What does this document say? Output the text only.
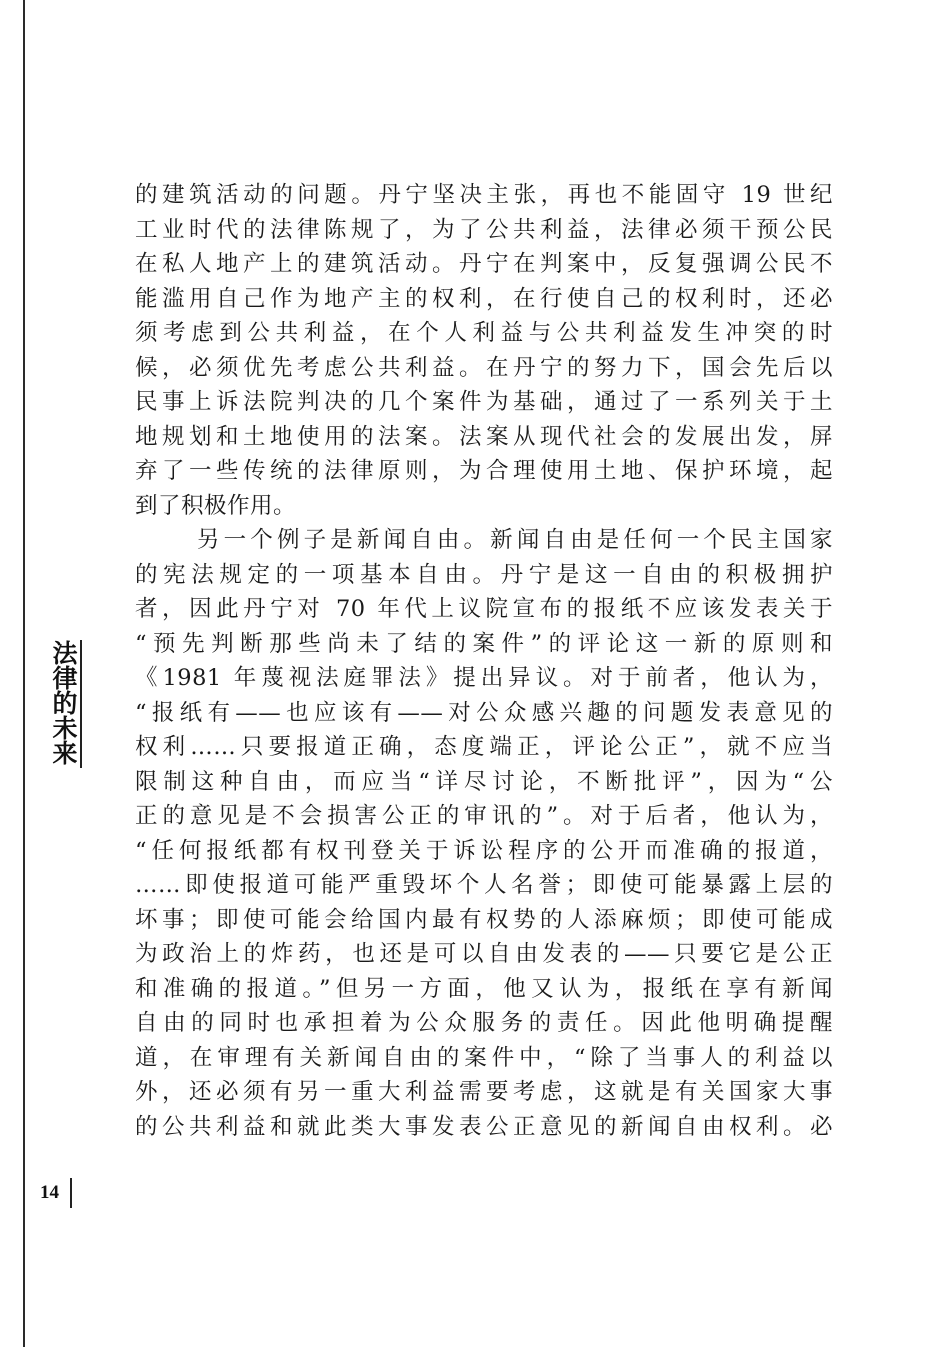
法律的未来
14
的建筑活动的问题。丹宁坚决主张，再也不能固守 19 世纪
工业时代的法律陈规了，为了公共利益，法律必须干预公民
在私人地产上的建筑活动。丹宁在判案中，反复强调公民不
能滥用自己作为地产主的权利，在行使自己的权利时，还必
须考虑到公共利益，在个人利益与公共利益发生冲突的时
候，必须优先考虑公共利益。在丹宁的努力下，国会先后以
民事上诉法院判决的几个案件为基础，通过了一系列关于土
地规划和土地使用的法案。法案从现代社会的发展出发，屏
弃了一些传统的法律原则，为合理使用土地、保护环境，起
到了积极作用。
另一个例子是新闻自由。新闻自由是任何一个民主国家
的宪法规定的一项基本自由。丹宁是这一自由的积极拥护
者，因此丹宁对 70 年代上议院宣布的报纸不应该发表关于
“预先判断那些尚未了结的案件”的评论这一新的原则和
《1981 年蔑视法庭罪法》提出异议。对于前者，他认为，
“报纸有——也应该有——对公众感兴趣的问题发表意见的
权利……只要报道正确，态度端正，评论公正”，就不应当
限制这种自由，而应当“详尽讨论，不断批评”，因为“公
正的意见是不会损害公正的审讯的”。对于后者，他认为，
“任何报纸都有权刊登关于诉讼程序的公开而准确的报道，
……即使报道可能严重毁坏个人名誉；即使可能暴露上层的
坏事；即使可能会给国内最有权势的人添麻烦；即使可能成
为政治上的炸药，也还是可以自由发表的——只要它是公正
和准确的报道。”但另一方面，他又认为，报纸在享有新闻
自由的同时也承担着为公众服务的责任。因此他明确提醒
道，在审理有关新闻自由的案件中，“除了当事人的利益以
外，还必须有另一重大利益需要考虑，这就是有关国家大事
的公共利益和就此类大事发表公正意见的新闻自由权利。必
